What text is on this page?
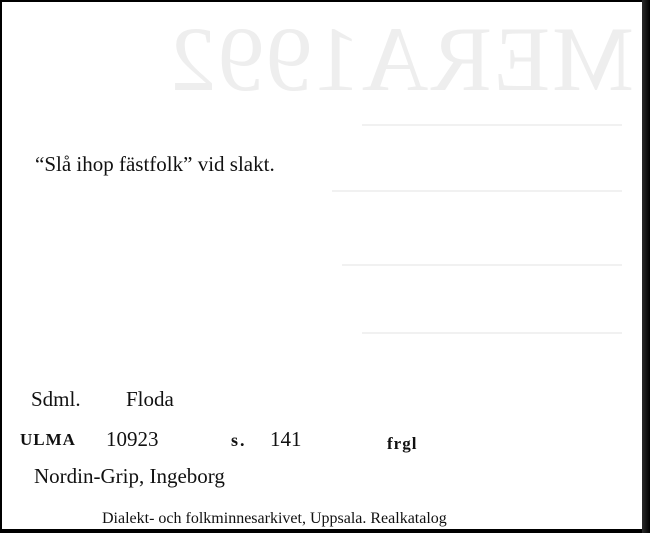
MERA1992
“Slå ihop fästfolk” vid slakt.
Sdml. Floda
ULMA 10923	s. 141	frgl
Nordin-Grip, Ingeborg
Dialekt- och folkminnesarkivet, Uppsala. Realkatalog
